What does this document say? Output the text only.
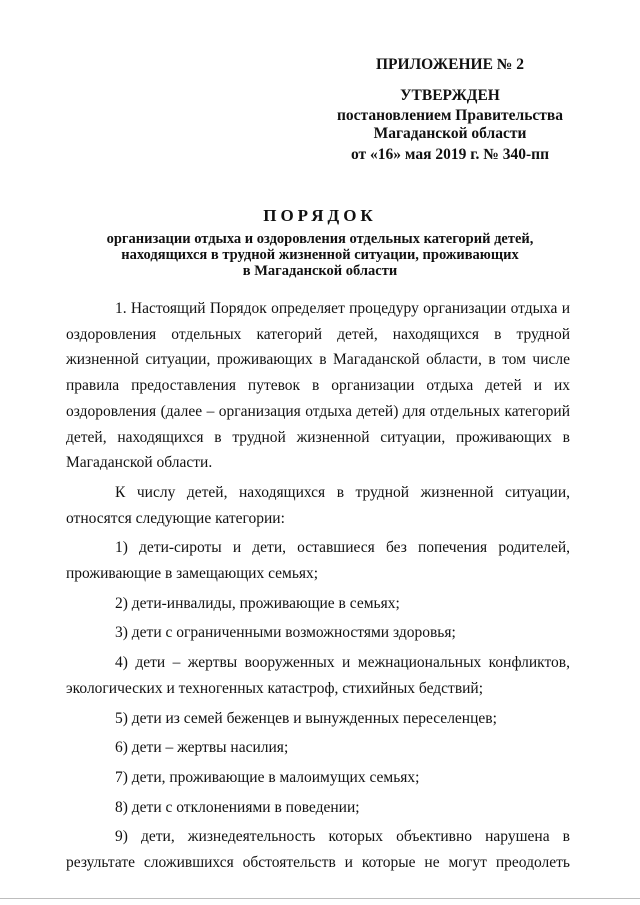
ПРИЛОЖЕНИЕ № 2
УТВЕРЖДЕН
постановлением Правительства
Магаданской области
от «16» мая 2019 г. № 340-пп
ПОРЯДОК
организации отдыха и оздоровления отдельных категорий детей,
находящихся в трудной жизненной ситуации, проживающих
в Магаданской области

1. Настоящий Порядок определяет процедуру организации отдыха и оздоровления отдельных категорий детей, находящихся в трудной жизненной ситуации, проживающих в Магаданской области, в том числе правила предоставления путевок в организации отдыха детей и их оздоровления (далее – организация отдыха детей) для отдельных категорий детей, находящихся в трудной жизненной ситуации, проживающих в Магаданской области.

К числу детей, находящихся в трудной жизненной ситуации, относятся следующие категории:

1) дети-сироты и дети, оставшиеся без попечения родителей, проживающие в замещающих семьях;

2) дети-инвалиды, проживающие в семьях;

3) дети с ограниченными возможностями здоровья;

4) дети – жертвы вооруженных и межнациональных конфликтов, экологических и техногенных катастроф, стихийных бедствий;

5) дети из семей беженцев и вынужденных переселенцев;

6) дети – жертвы насилия;

7) дети, проживающие в малоимущих семьях;

8) дети с отклонениями в поведении;

9) дети, жизнедеятельность которых объективно нарушена в результате сложившихся обстоятельств и которые не могут преодолеть
